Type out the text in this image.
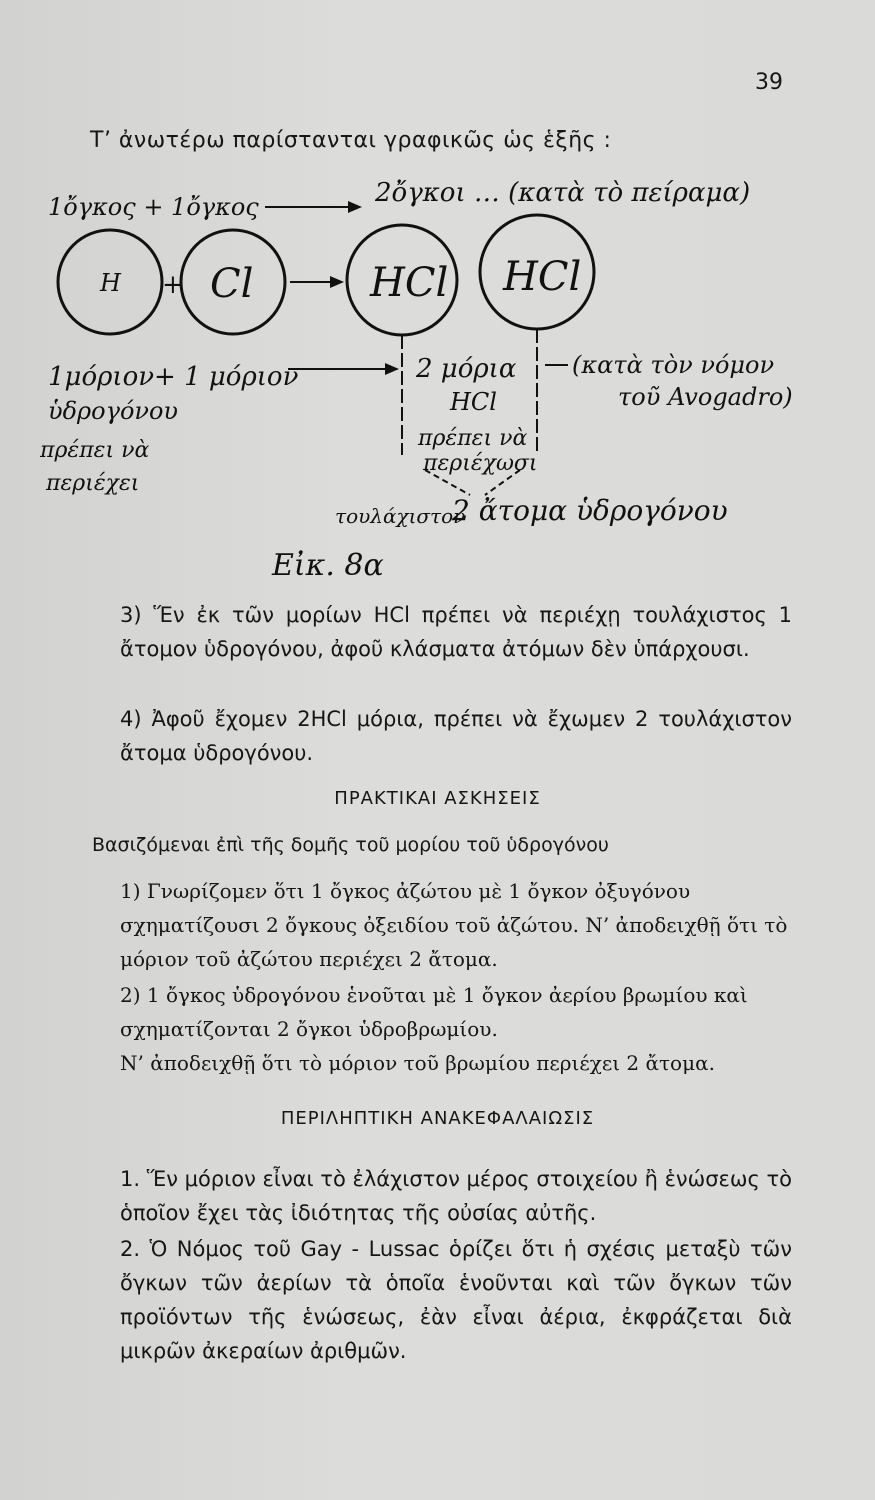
39
Τ’ ἀνωτέρω παρίστανται γραφικῶς ὡς ἑξῆς :
1ὄγκος + 1ὄγκος	2ὄγκοι … (κατὰ τὸ πείραμα)
H + Cl	HCl HCl
1μόριον+ 1 μόριον	2 μόρια
HCl
(κατὰ τὸν νόμον
τοῦ Avogadro)
ὑδρογόνου
πρέπει νὰ
περιέχει
πρέπει νὰ
περιέχωσι
τουλάχιστον
2 ἄτομα ὑδρογόνου
Εἰκ. 8α

3) Ἕν ἐκ τῶν μορίων HCl πρέπει νὰ περιέχῃ τουλάχιστος 1 ἄτομον ὑδρογόνου, ἀφοῦ κλάσματα ἀτόμων δὲν ὑπάρχουσι.

4) Ἀφοῦ ἔχομεν 2HCl μόρια, πρέπει νὰ ἔχωμεν 2 τουλάχιστον ἄτομα ὑδρογόνου.

ΠΡΑΚΤΙΚΑΙ ΑΣΚΗΣΕΙΣ
Βασιζόμεναι ἐπὶ τῆς δομῆς τοῦ μορίου τοῦ ὑδρογόνου

1) Γνωρίζομεν ὅτι 1 ὄγκος ἀζώτου μὲ 1 ὄγκον ὀξυγόνου σχηματίζουσι 2 ὄγκους ὀξειδίου τοῦ ἀζώτου. Ν’ ἀποδειχθῇ ὅτι τὸ μόριον τοῦ ἀζώτου περιέχει 2 ἄτομα.

2) 1 ὄγκος ὑδρογόνου ἑνοῦται μὲ 1 ὄγκον ἀερίου βρωμίου καὶ σχηματίζονται 2 ὄγκοι ὑδροβρωμίου.

Ν’ ἀποδειχθῇ ὅτι τὸ μόριον τοῦ βρωμίου περιέχει 2 ἄτομα.

ΠΕΡΙΛΗΠΤΙΚΗ ΑΝΑΚΕΦΑΛΑΙΩΣΙΣ

1. Ἕν μόριον εἶναι τὸ ἐλάχιστον μέρος στοιχείου ἢ ἑνώσεως τὸ ὁποῖον ἔχει τὰς ἰδιότητας τῆς οὐσίας αὐτῆς.

2. Ὁ Νόμος τοῦ Gay - Lussac ὁρίζει ὅτι ἡ σχέσις μεταξὺ τῶν ὄγκων τῶν ἀερίων τὰ ὁποῖα ἑνοῦνται καὶ τῶν ὄγκων τῶν προϊόντων τῆς ἑνώσεως, ἐὰν εἶναι ἀέρια, ἐκφράζεται διὰ μικρῶν ἀκεραίων ἀριθμῶν.
